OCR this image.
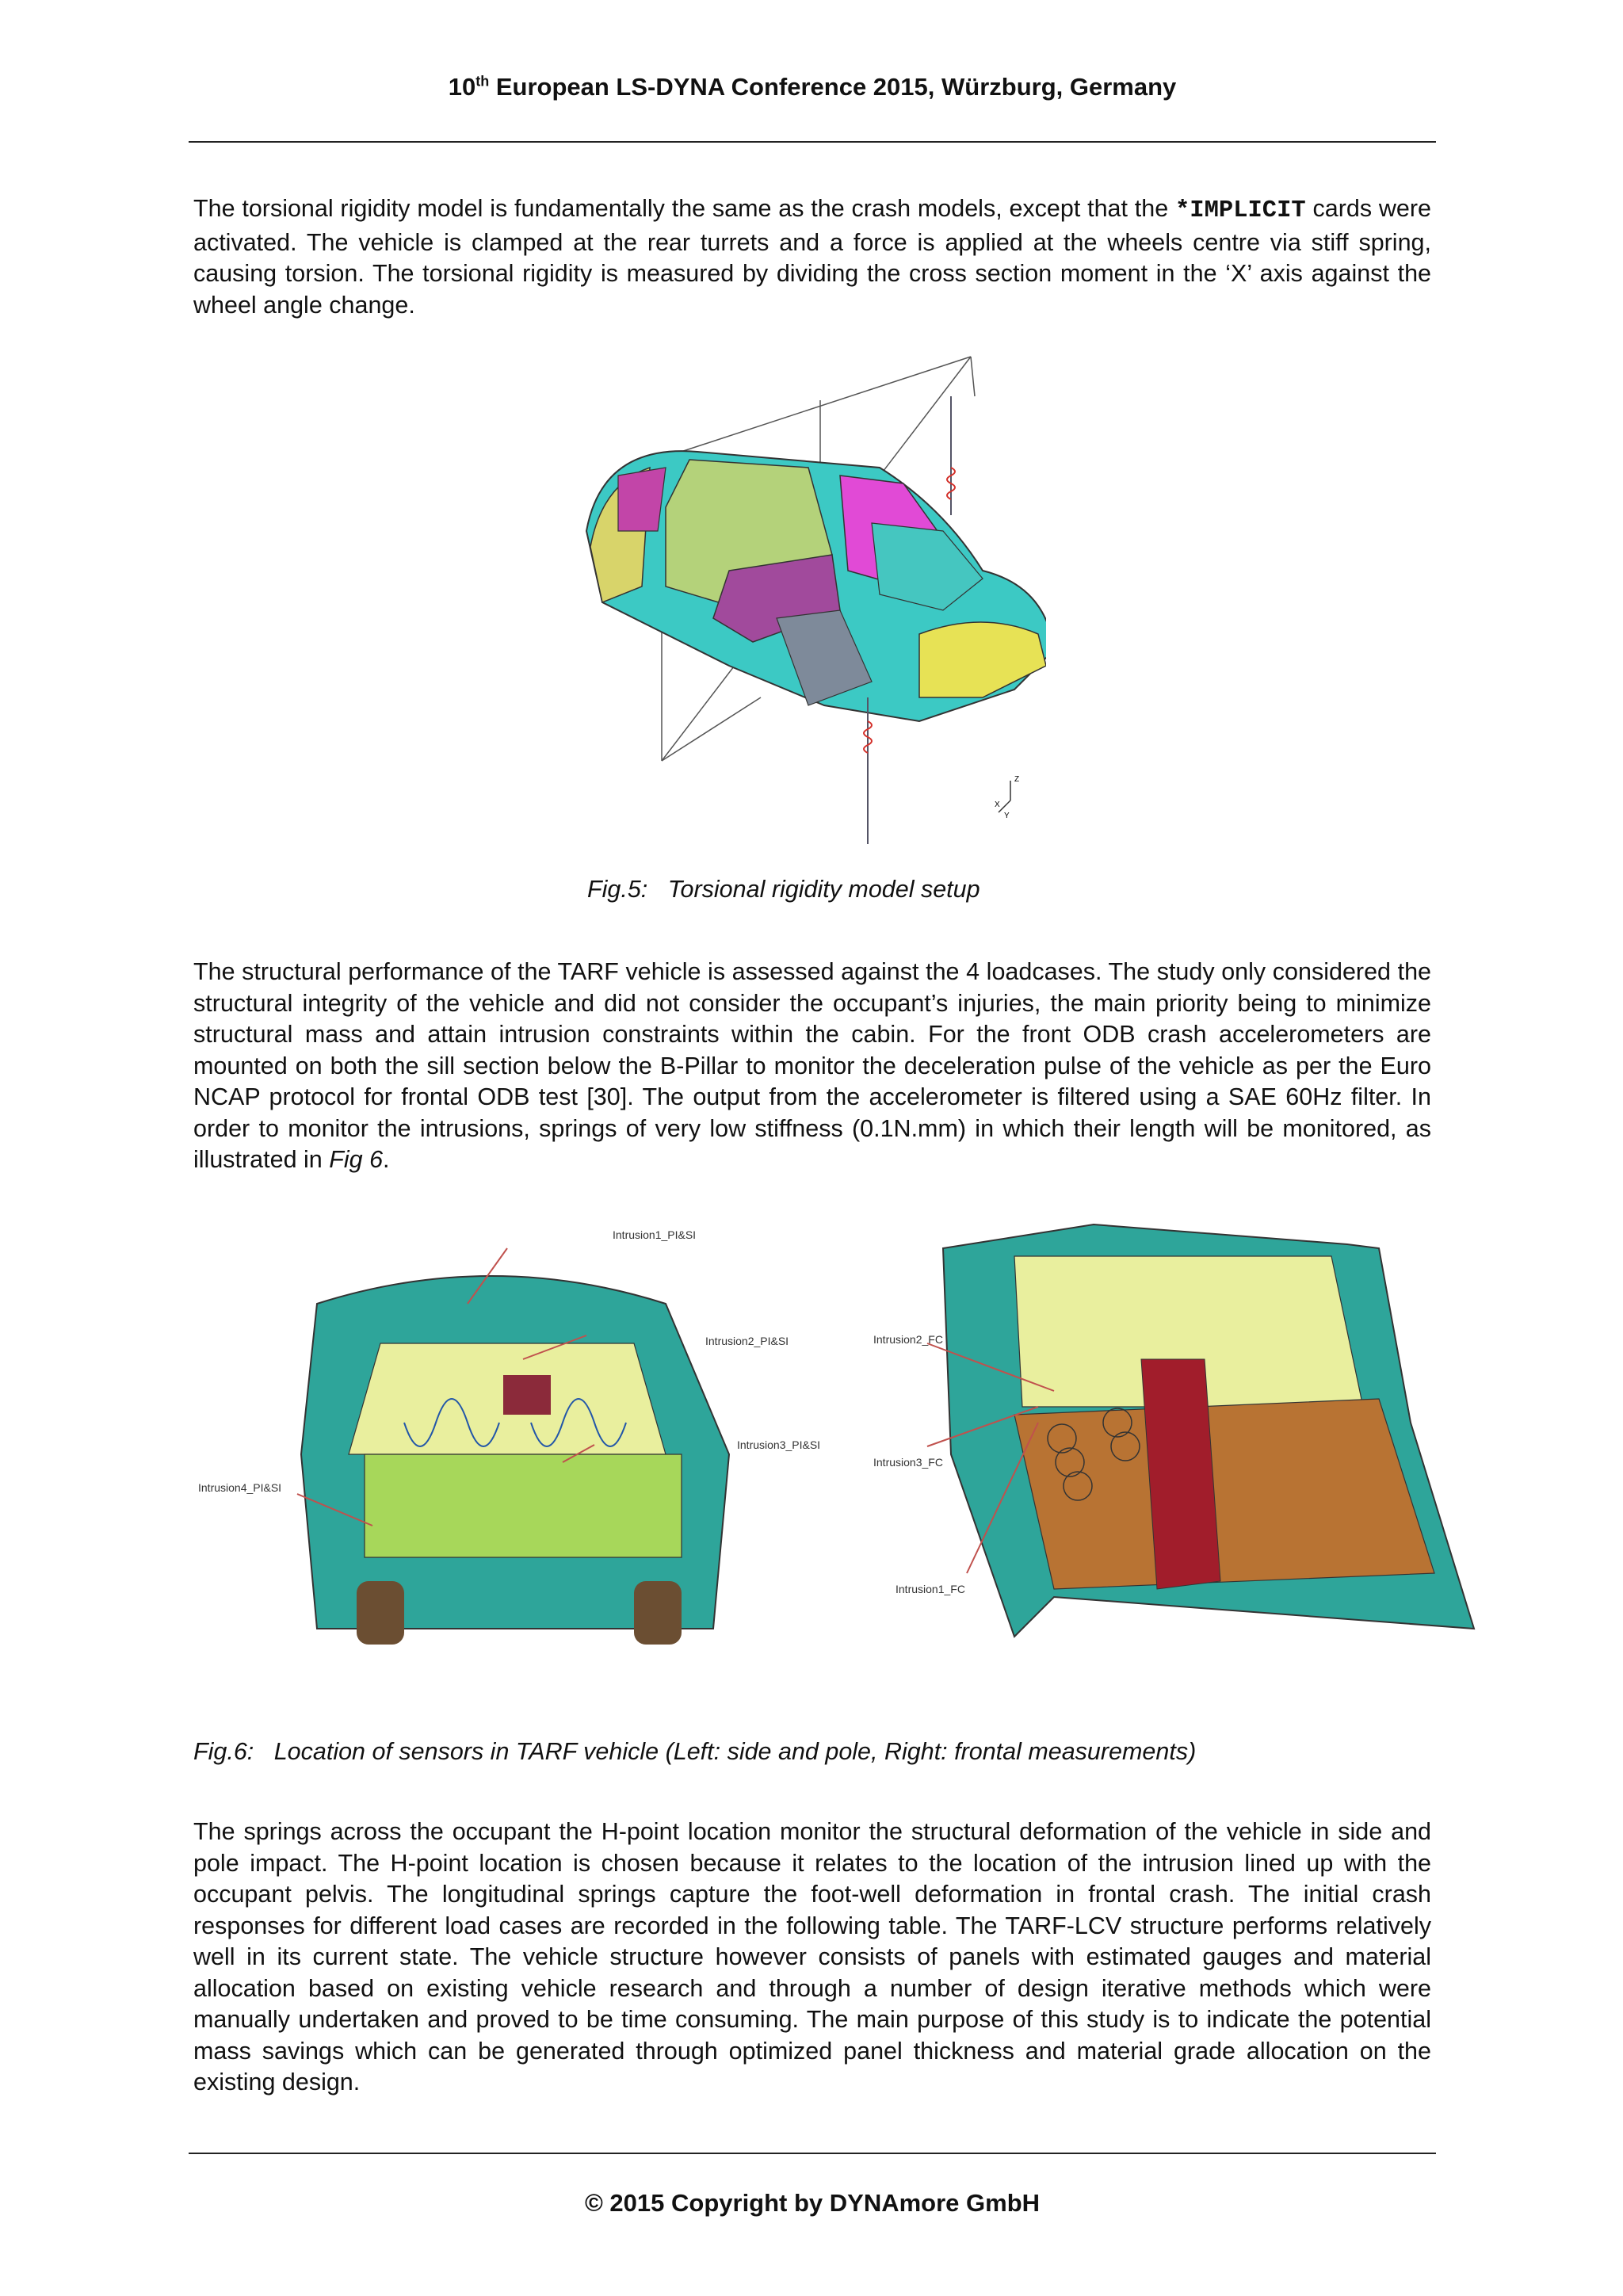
10th European LS-DYNA Conference 2015, Würzburg, Germany

The torsional rigidity model is fundamentally the same as the crash models, except that the *IMPLICIT cards were activated. The vehicle is clamped at the rear turrets and a force is applied at the wheels centre via stiff spring, causing torsion. The torsional rigidity is measured by dividing the cross section moment in the ‘X’ axis against the wheel angle change.

Z
X
Y
Fig.5: Torsional rigidity model setup

The structural performance of the TARF vehicle is assessed against the 4 loadcases. The study only considered the structural integrity of the vehicle and did not consider the occupant’s injuries, the main priority being to minimize structural mass and attain intrusion constraints within the cabin. For the front ODB crash accelerometers are mounted on both the sill section below the B-Pillar to monitor the deceleration pulse of the vehicle as per the Euro NCAP protocol for frontal ODB test [30]. The output from the accelerometer is filtered using a SAE 60Hz filter. In order to monitor the intrusions, springs of very low stiffness (0.1N.mm) in which their length will be monitored, as illustrated in Fig 6.

Intrusion1_PI&SI
Intrusion2_PI&SI
Intrusion3_PI&SI
Intrusion4_PI&SI
Intrusion2_FC
Intrusion3_FC
Intrusion1_FC
Fig.6: Location of sensors in TARF vehicle (Left: side and pole, Right: frontal measurements)

The springs across the occupant the H-point location monitor the structural deformation of the vehicle in side and pole impact. The H-point location is chosen because it relates to the location of the intrusion lined up with the occupant pelvis. The longitudinal springs capture the foot-well deformation in frontal crash. The initial crash responses for different load cases are recorded in the following table. The TARF-LCV structure performs relatively well in its current state. The vehicle structure however consists of panels with estimated gauges and material allocation based on existing vehicle research and through a number of design iterative methods which were manually undertaken and proved to be time consuming. The main purpose of this study is to indicate the potential mass savings which can be generated through optimized panel thickness and material grade allocation on the existing design.

© 2015 Copyright by DYNAmore GmbH
